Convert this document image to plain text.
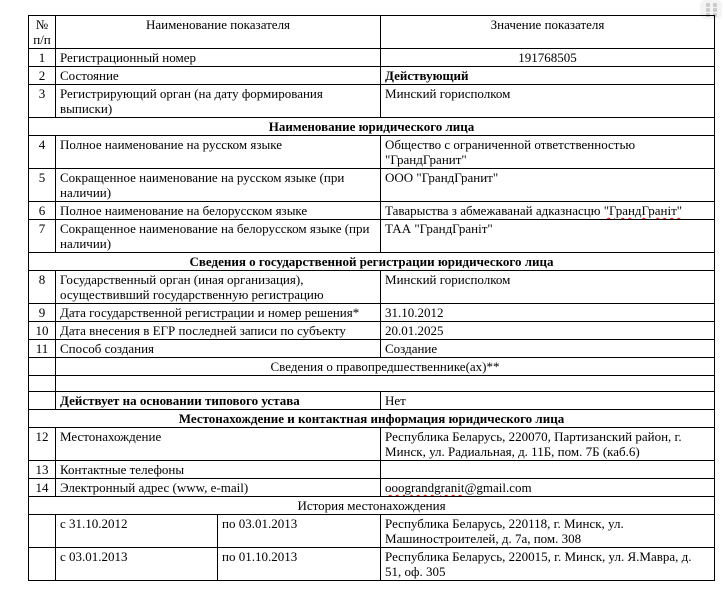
№
п/п	Наименование показателя		Значение показателя
1	Регистрационный номер		191768505
2	Состояние		Действующий
3	Регистрирующий орган (на дату формирования выписки)		Минский горисполком
Наименование юридического лица			
4	Полное наименование на русском языке		Общество с ограниченной ответственностью "ГрандГранит"
5	Сокращенное наименование на русском языке (при наличии)		ООО "ГрандГранит"
6	Полное наименование на белорусском языке		Таварыства з абмежаванай адказнасцю "ГрандГраніт"
7	Сокращенное наименование на белорусском языке (при наличии)		ТАА "ГрандГраніт"
Сведения о государственной регистрации юридического лица			
8	Государственный орган (иная организация), осуществивший государственную регистрацию		Минский горисполком
9	Дата государственной регистрации и номер решения*		31.10.2012
10	Дата внесения в ЕГР последней записи по субъекту		20.01.2025
11	Способ создания		Создание
	Сведения о правопредшественнике(ах)**		

	Действует на основании типового устава		Нет
Местонахождение и контактная информация юридического лица			
12	Местонахождение		Республика Беларусь, 220070, Партизанский район, г. Минск, ул. Радиальная, д. 11Б, пом. 7Б (каб.6)
13	Контактные телефоны		
14	Электронный адрес (www, e-mail)		ooograndgranit@gmail.com
История местонахождения			
	с 31.10.2012	по 03.01.2013	Республика Беларусь, 220118, г. Минск, ул. Машиностроителей, д. 7а, пом. 308
	с 03.01.2013	по 01.10.2013	Республика Беларусь, 220015, г. Минск, ул. Я.Мавра, д. 51, оф. 305
